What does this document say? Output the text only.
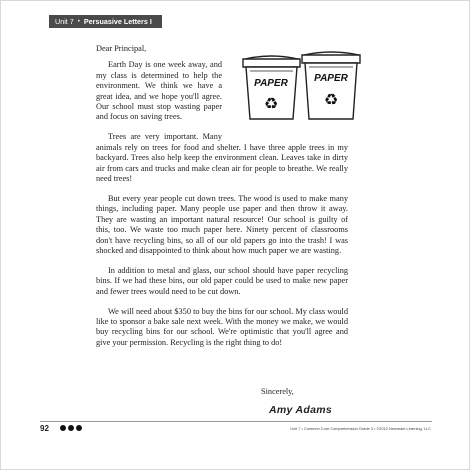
Unit 7 • Persuasive Letters I
PAPER
♻
PAPER
♻

Dear Principal,

Earth Day is one week away, and my class is determined to help the environment. We think we have a great idea, and we hope you'll agree. Our school must stop wasting paper and focus on saving trees.

Trees are very important. Many animals rely on trees for food and shelter. I have three apple trees in my backyard. Trees also help keep the environment clean. Leaves take in dirty air from cars and trucks and make clean air for people to breathe. We really need trees!

But every year people cut down trees. The wood is used to make many things, including paper. Many people use paper and then throw it away. They are wasting an important natural resource! Our school is guilty of this, too. We waste too much paper here. Ninety percent of classrooms don't have recycling bins, so all of our old papers go into the trash! I was shocked and disappointed to think about how much paper we are wasting.

In addition to metal and glass, our school should have paper recycling bins. If we had these bins, our old paper could be used to make new paper and fewer trees would need to be cut down.

We will need about $350 to buy the bins for our school. My class would like to sponsor a bake sale next week. With the money we make, we would buy recycling bins for our school. We're optimistic that you'll agree and give your permission. Recycling is the right thing to do!

Sincerely,
Amy Adams
92	Unit 7 • Common Core Comprehension Grade 3 • ©2012 Newmark Learning, LLC
